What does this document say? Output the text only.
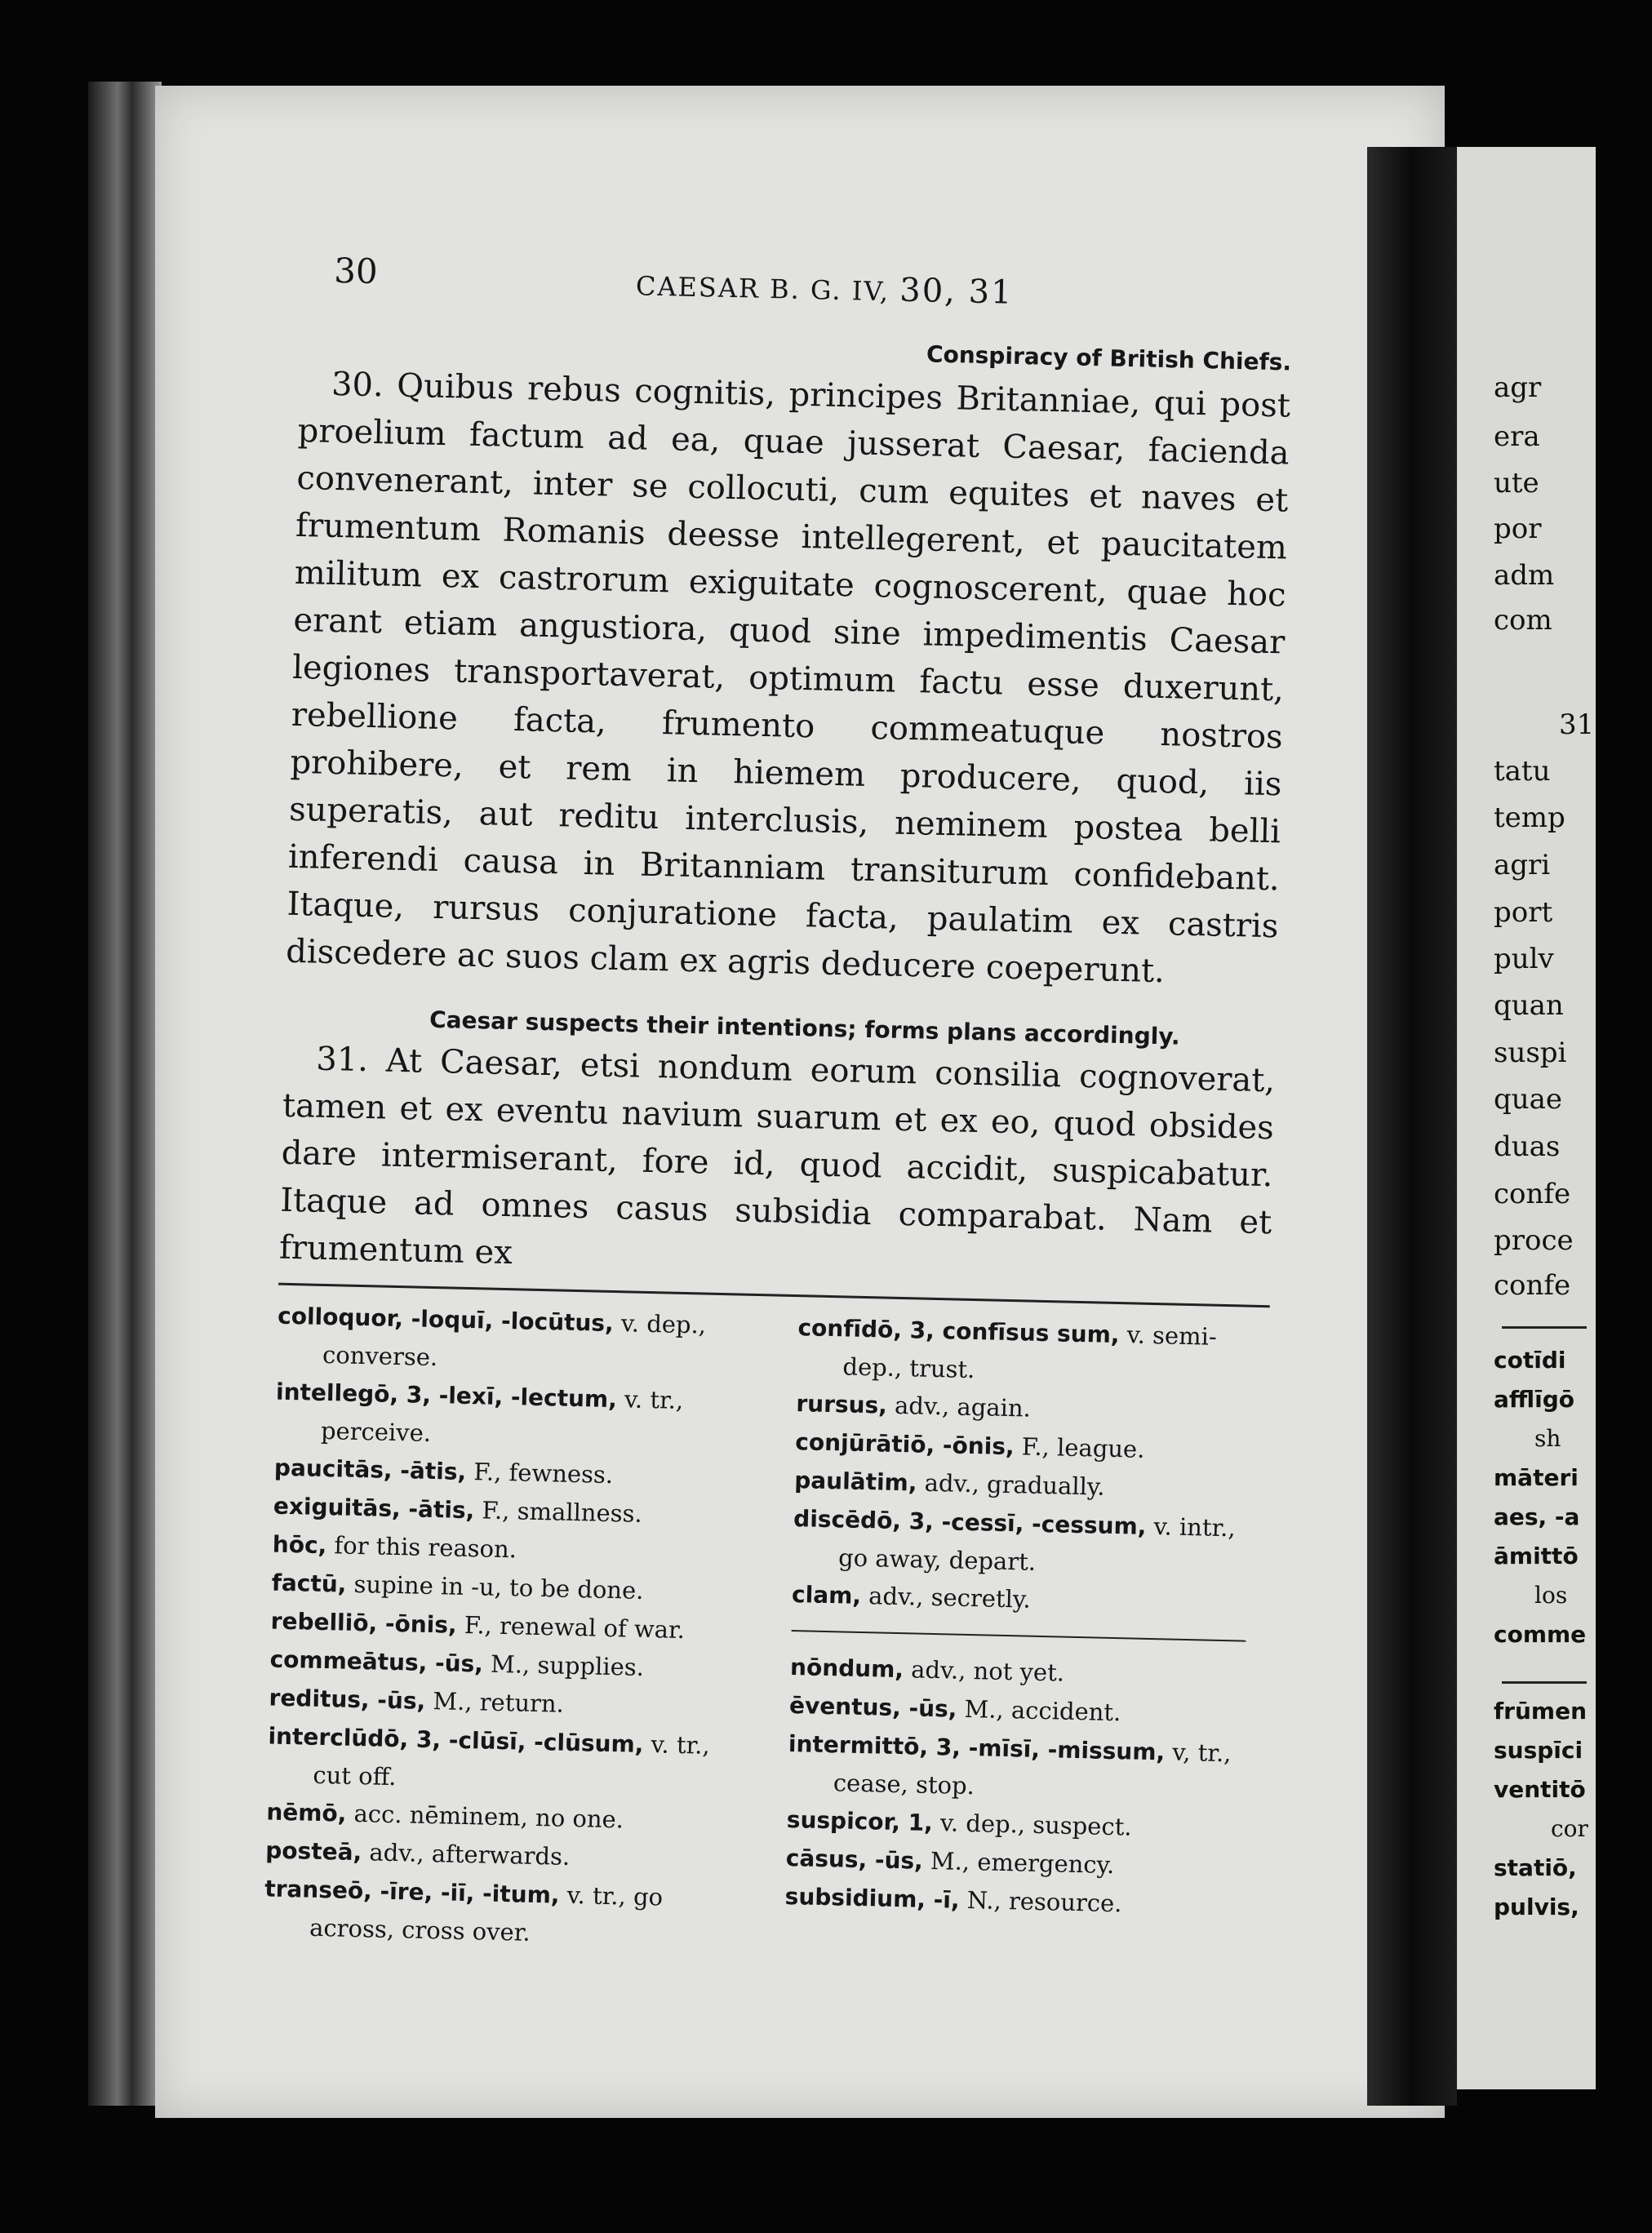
30	CAESAR B. G. IV, 30, 31
Conspiracy of British Chiefs.

30. Quibus rebus cognitis, principes Britanniae, qui post proelium factum ad ea, quae jusserat Caesar, facienda convenerant, inter se collocuti, cum equites et naves et frumentum Romanis deesse intellegerent, et paucitatem militum ex castrorum exiguitate cognoscerent, quae hoc erant etiam angustiora, quod sine impedimentis Caesar legiones transportaverat, optimum factu esse duxerunt, rebellione facta, frumento commeatuque nostros prohibere, et rem in hiemem producere, quod, iis superatis, aut reditu interclusis, neminem postea belli inferendi causa in Britanniam transiturum confidebant. Itaque, rursus conjuratione facta, paulatim ex castris discedere ac suos clam ex agris deducere coeperunt.

Caesar suspects their intentions; forms plans accordingly.

31. At Caesar, etsi nondum eorum consilia cognoverat, tamen et ex eventu navium suarum et ex eo, quod obsides dare intermiserant, fore id, quod accidit, suspicabatur. Itaque ad omnes casus subsidia comparabat. Nam et frumentum ex

colloquor, -loquī, -locūtus, v. dep., converse.

intellegō, 3, -lexī, -lectum, v. tr., perceive.

paucitās, -ātis, F., fewness.

exiguitās, -ātis, F., smallness.

hōc, for this reason.

factū, supine in -u, to be done.

rebelliō, -ōnis, F., renewal of war.

commeātus, -ūs, M., supplies.

reditus, -ūs, M., return.

interclūdō, 3, -clūsī, -clūsum, v. tr., cut off.

nēmō, acc. nēminem, no one.

posteā, adv., afterwards.

transeō, -īre, -iī, -itum, v. tr., go across, cross over.

confīdō, 3, confīsus sum, v. semi-dep., trust.

rursus, adv., again.

conjūrātiō, -ōnis, F., league.

paulātim, adv., gradually.

discēdō, 3, -cessī, -cessum, v. intr., go away, depart.

clam, adv., secretly.

nōndum, adv., not yet.

ēventus, -ūs, M., accident.

intermittō, 3, -mīsī, -missum, v, tr., cease, stop.

suspicor, 1, v. dep., suspect.

cāsus, -ūs, M., emergency.

subsidium, -ī, N., resource.

agr
era
ute
por
adm
com
31
tatu
temp
agri
port
pulv
quan
suspi
quae
duas
confe
proce
confe
cotīdi
afflīgō
sh
māteri
aes, -a
āmittō
los
comme
frūmen
suspīci
ventitō
cor
statiō,
pulvis,
